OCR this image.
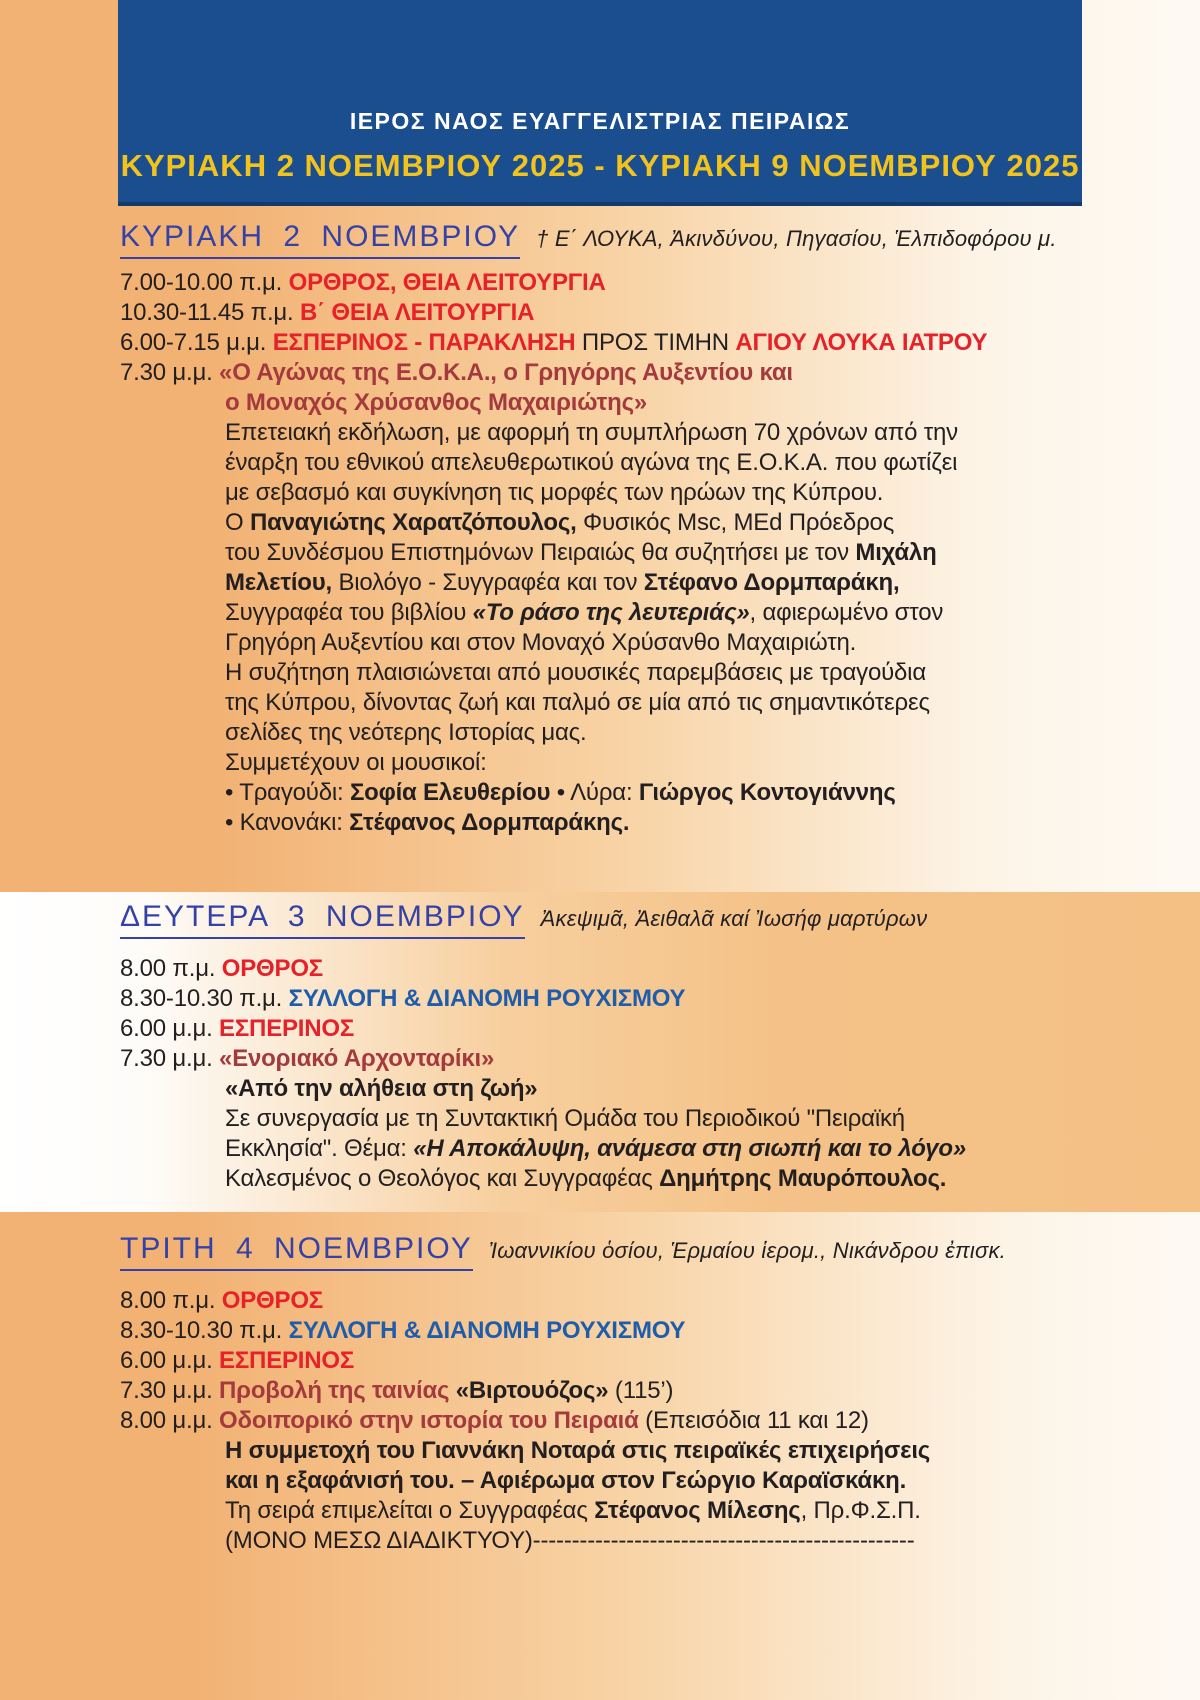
ΙΕΡΟΣ ΝΑΟΣ ΕΥΑΓΓΕΛΙΣΤΡΙΑΣ ΠΕΙΡΑΙΩΣ
ΚΥΡΙΑΚΗ 2 ΝΟΕΜΒΡΙΟΥ 2025 - ΚΥΡΙΑΚΗ 9 ΝΟΕΜΒΡΙΟΥ 2025
ΚΥΡΙΑΚΗ 2 ΝΟΕΜΒΡΙΟΥ † Ε΄ ΛΟΥΚΑ, Ἀκινδύνου, Πηγασίου, Ἑλπιδοφόρου μ.
7.00-10.00 π.μ. ΟΡΘΡΟΣ, ΘΕΙΑ ΛΕΙΤΟΥΡΓΙΑ
10.30-11.45 π.μ. Β΄ ΘΕΙΑ ΛΕΙΤΟΥΡΓΙΑ
6.00-7.15 μ.μ. ΕΣΠΕΡΙΝΟΣ - ΠΑΡΑΚΛΗΣΗ ΠΡΟΣ ΤΙΜΗΝ ΑΓΙΟΥ ΛΟΥΚΑ ΙΑΤΡΟΥ
7.30 μ.μ. «Ο Αγώνας της Ε.Ο.Κ.Α., ο Γρηγόρης Αυξεντίου και
ο Μοναχός Χρύσανθος Μαχαιριώτης»
Επετειακή εκδήλωση, με αφορμή τη συμπλήρωση 70 χρόνων από την
έναρξη του εθνικού απελευθερωτικού αγώνα της Ε.Ο.Κ.Α. που φωτίζει
με σεβασμό και συγκίνηση τις μορφές των ηρώων της Κύπρου.
Ο Παναγιώτης Χαρατζόπουλος, Φυσικός Msc, MEd Πρόεδρος
του Συνδέσμου Επιστημόνων Πειραιώς θα συζητήσει με τον Μιχάλη
Μελετίου, Βιολόγο - Συγγραφέα και τον Στέφανο Δορμπαράκη,
Συγγραφέα του βιβλίου «Το ράσο της λευτεριάς», αφιερωμένο στον
Γρηγόρη Αυξεντίου και στον Μοναχό Χρύσανθο Μαχαιριώτη.
Η συζήτηση πλαισιώνεται από μουσικές παρεμβάσεις με τραγούδια
της Κύπρου, δίνοντας ζωή και παλμό σε μία από τις σημαντικότερες
σελίδες της νεότερης Ιστορίας μας.
Συμμετέχουν οι μουσικοί:
• Τραγούδι: Σοφία Ελευθερίου • Λύρα: Γιώργος Κοντογιάννης
• Κανονάκι: Στέφανος Δορμπαράκης.
ΔΕΥΤΕΡΑ 3 ΝΟΕΜΒΡΙΟΥ Ἀκεψιμᾶ, Ἀειθαλᾶ καί Ἰωσήφ μαρτύρων
8.00 π.μ. ΟΡΘΡΟΣ
8.30-10.30 π.μ. ΣΥΛΛΟΓΗ & ΔΙΑΝΟΜΗ ΡΟΥΧΙΣΜΟΥ
6.00 μ.μ. ΕΣΠΕΡΙΝΟΣ
7.30 μ.μ. «Ενοριακό Αρχονταρίκι»
«Από την αλήθεια στη ζωή»
Σε συνεργασία με τη Συντακτική Ομάδα του Περιοδικού "Πειραϊκή
Εκκλησία". Θέμα: «Η Αποκάλυψη, ανάμεσα στη σιωπή και το λόγο»
Καλεσμένος ο Θεολόγος και Συγγραφέας Δημήτρης Μαυρόπουλος.
ΤΡΙΤΗ 4 ΝΟΕΜΒΡΙΟΥ Ἰωαννικίου ὁσίου, Ἑρμαίου ἱερομ., Νικάνδρου ἐπισκ.
8.00 π.μ. ΟΡΘΡΟΣ
8.30-10.30 π.μ. ΣΥΛΛΟΓΗ & ΔΙΑΝΟΜΗ ΡΟΥΧΙΣΜΟΥ
6.00 μ.μ. ΕΣΠΕΡΙΝΟΣ
7.30 μ.μ. Προβολή της ταινίας «Βιρτουόζος» (115’)
8.00 μ.μ. Οδοιπορικό στην ιστορία του Πειραιά (Επεισόδια 11 και 12)
Η συμμετοχή του Γιαννάκη Νοταρά στις πειραϊκές επιχειρήσεις
και η εξαφάνισή του. – Αφιέρωμα στον Γεώργιο Καραϊσκάκη.
Τη σειρά επιμελείται ο Συγγραφέας Στέφανος Μίλεσης, Πρ.Φ.Σ.Π.
(ΜΟΝΟ ΜΕΣΩ ΔΙΑΔΙΚΤΥΟΥ)-------------------------------------------------
